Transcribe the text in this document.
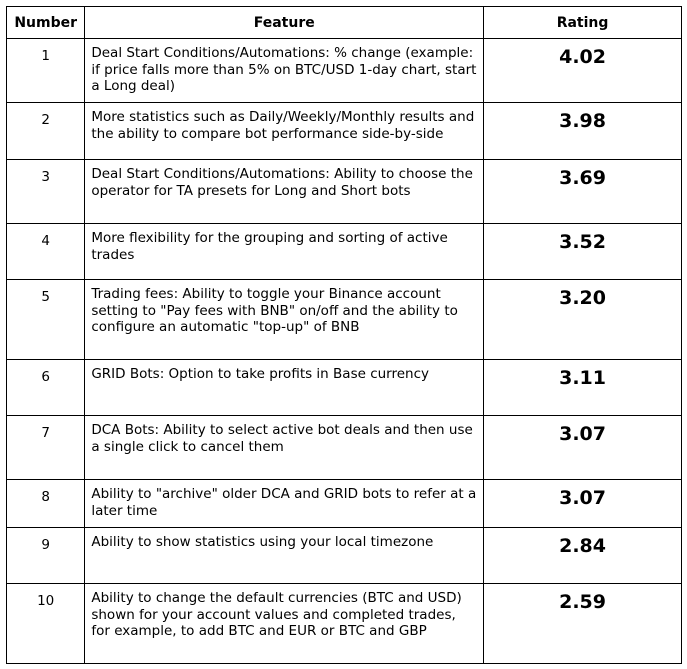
Number	Feature	Rating
1	Deal Start Conditions/Automations: % change (example: if price falls more than 5% on BTC/USD 1-day chart, start a Long deal)	4.02
2	More statistics such as Daily/Weekly/Monthly results and the ability to compare bot performance side-by-side	3.98
3	Deal Start Conditions/Automations: Ability to choose the operator for TA presets for Long and Short bots	3.69
4	More flexibility for the grouping and sorting of active trades	3.52
5	Trading fees: Ability to toggle your Binance account setting to "Pay fees with BNB" on/off and the ability to configure an automatic "top-up" of BNB	3.20
6	GRID Bots: Option to take profits in Base currency	3.11
7	DCA Bots: Ability to select active bot deals and then use a single click to cancel them	3.07
8	Ability to "archive" older DCA and GRID bots to refer at a later time	3.07
9	Ability to show statistics using your local timezone	2.84
10	Ability to change the default currencies (BTC and USD) shown for your account values and completed trades, for example, to add BTC and EUR or BTC and GBP	2.59
